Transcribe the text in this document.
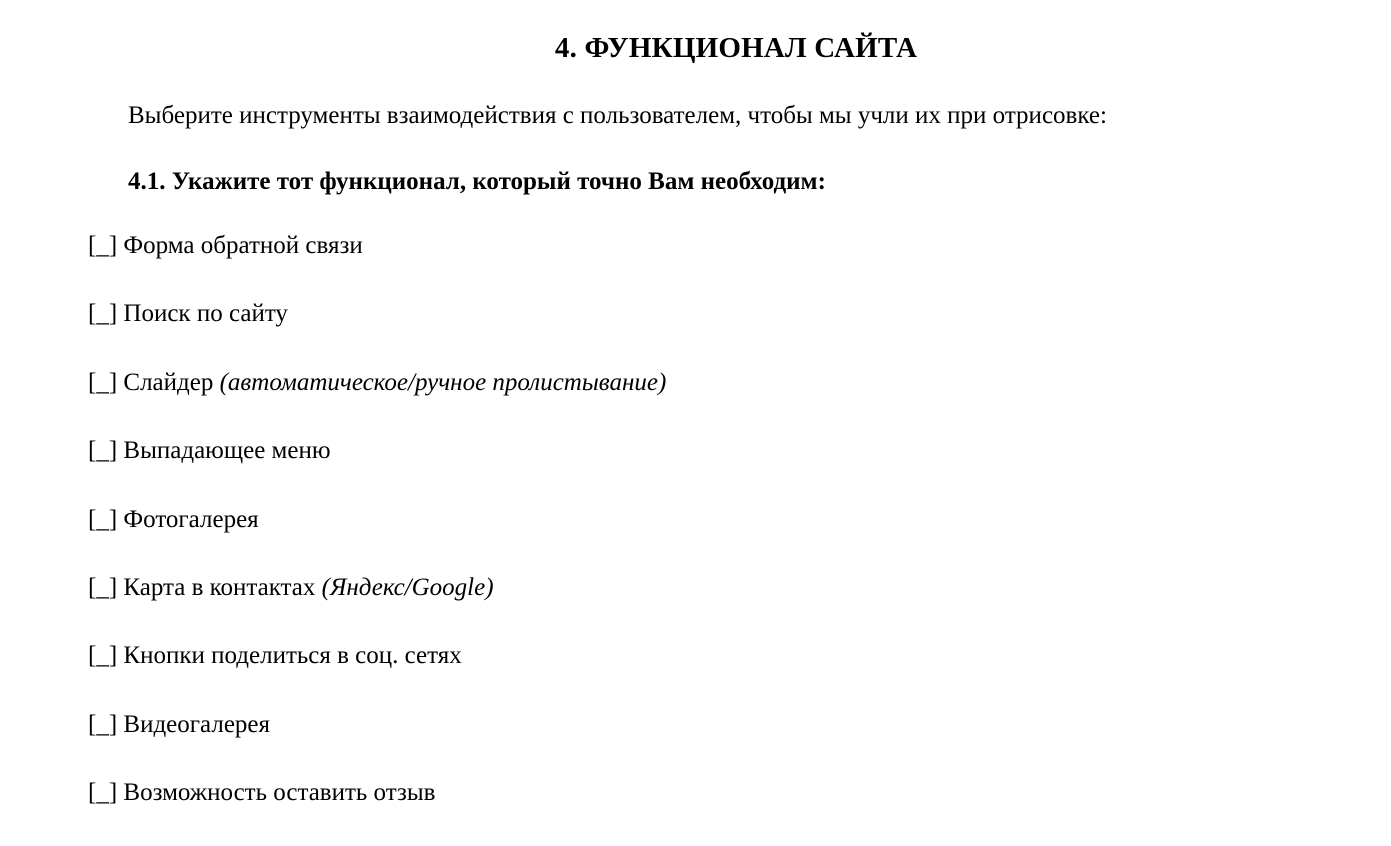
4. ФУНКЦИОНАЛ САЙТА
Выберите инструменты взаимодействия с пользователем, чтобы мы учли их при отрисовке:
4.1. Укажите тот функционал, который точно Вам необходим:
[_] Форма обратной связи
[_] Поиск по сайту
[_] Слайдер (автоматическое/ручное пролистывание)
[_] Выпадающее меню
[_] Фотогалерея
[_] Карта в контактах (Яндекс/Google)
[_] Кнопки поделиться в соц. сетях
[_] Видеогалерея
[_] Возможность оставить отзыв
